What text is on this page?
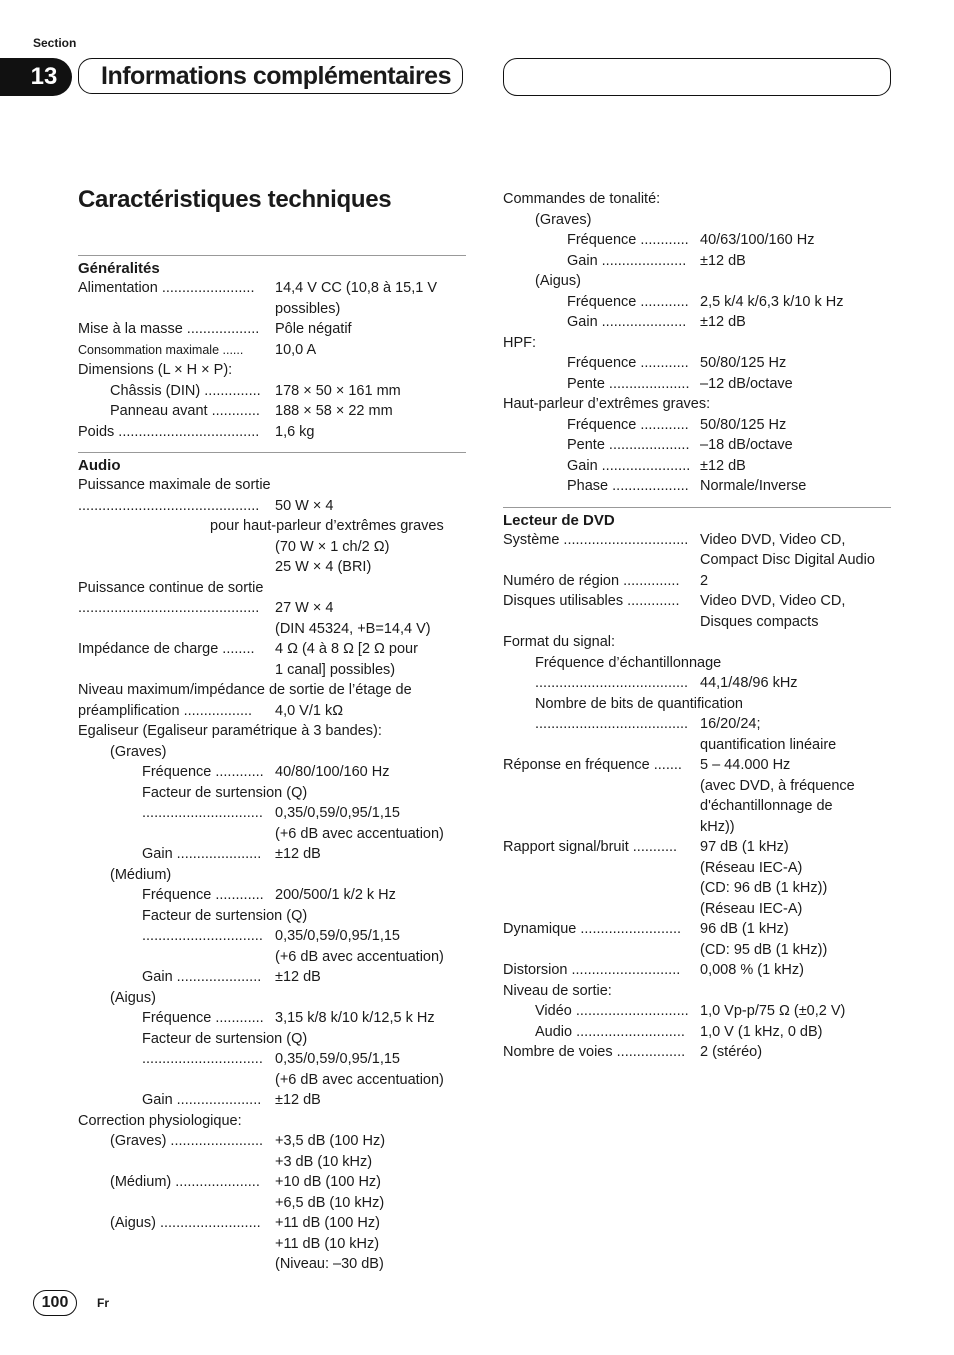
Section
13	Informations complémentaires
Caractéristiques techniques
Généralités
Alimentation .......................	14,4 V CC (10,8 à 15,1 V
possibles)
Mise à la masse ..................	Pôle négatif
Consommation maximale ......	10,0 A
Dimensions (L × H × P):
Châssis (DIN) .............. 178 × 50 × 161 mm
Panneau avant ............	188 × 58 × 22 mm
Poids ...................................	1,6 kg
Audio
Puissance maximale de sortie
.............................................	50 W × 4
pour haut-parleur d’extrêmes graves
(70 W × 1 ch/2 Ω)
25 W × 4 (BRI)
Puissance continue de sortie
.............................................	27 W × 4
(DIN 45324, +B=14,4 V)
Impédance de charge ........	4 Ω (4 à 8 Ω [2 Ω pour
1 canal] possibles)
Niveau maximum/impédance de sortie de l’étage de
préamplification .................	4,0 V/1 kΩ
Egaliseur (Egaliseur paramétrique à 3 bandes):
(Graves)
Fréquence ............ 40/80/100/160 Hz
Facteur de surtension (Q)
.............................. 0,35/0,59/0,95/1,15
(+6 dB avec accentuation)
Gain ..................... ±12 dB
(Médium)
Fréquence ............ 200/500/1 k/2 k Hz
Facteur de surtension (Q)
.............................. 0,35/0,59/0,95/1,15
(+6 dB avec accentuation)
Gain ..................... ±12 dB
(Aigus)
Fréquence ............ 3,15 k/8 k/10 k/12,5 k Hz
Facteur de surtension (Q)
.............................. 0,35/0,59/0,95/1,15
(+6 dB avec accentuation)
Gain ..................... ±12 dB
Correction physiologique:
(Graves) ....................... +3,5 dB (100 Hz)
+3 dB (10 kHz)
(Médium) .....................	+10 dB (100 Hz)
+6,5 dB (10 kHz)
(Aigus) ......................... +11 dB (100 Hz)
+11 dB (10 kHz)
(Niveau: –30 dB)
Commandes de tonalité:
(Graves)
Fréquence ............ 40/63/100/160 Hz
Gain ..................... ±12 dB
(Aigus)
Fréquence ............ 2,5 k/4 k/6,3 k/10 k Hz
Gain ..................... ±12 dB
HPF:
Fréquence ............ 50/80/125 Hz
Pente .................... –12 dB/octave
Haut-parleur d’extrêmes graves:
Fréquence ............ 50/80/125 Hz
Pente .................... –18 dB/octave
Gain ...................... ±12 dB
Phase ................... Normale/Inverse
Lecteur de DVD
Système ............................... Video DVD, Video CD,
Compact Disc Digital Audio
Numéro de région ..............	2
Disques utilisables .............	Video DVD, Video CD,
Disques compacts
Format du signal:
Fréquence d’échantillonnage
...................................... 44,1/48/96 kHz
Nombre de bits de quantification
...................................... 16/20/24;
quantification linéaire
Réponse en fréquence .......	5 – 44.000 Hz
(avec DVD, à fréquence
d'échantillonnage de
kHz))
Rapport signal/bruit ...........	97 dB (1 kHz)
(Réseau IEC-A)
(CD: 96 dB (1 kHz))
(Réseau IEC-A)
Dynamique .........................	96 dB (1 kHz)
(CD: 95 dB (1 kHz))
Distorsion ...........................	0,008 % (1 kHz)
Niveau de sortie:
Vidéo ............................ 1,0 Vp-p/75 Ω (±0,2 V)
Audio ...........................	1,0 V (1 kHz, 0 dB)
Nombre de voies .................	2 (stéréo)
100	Fr
